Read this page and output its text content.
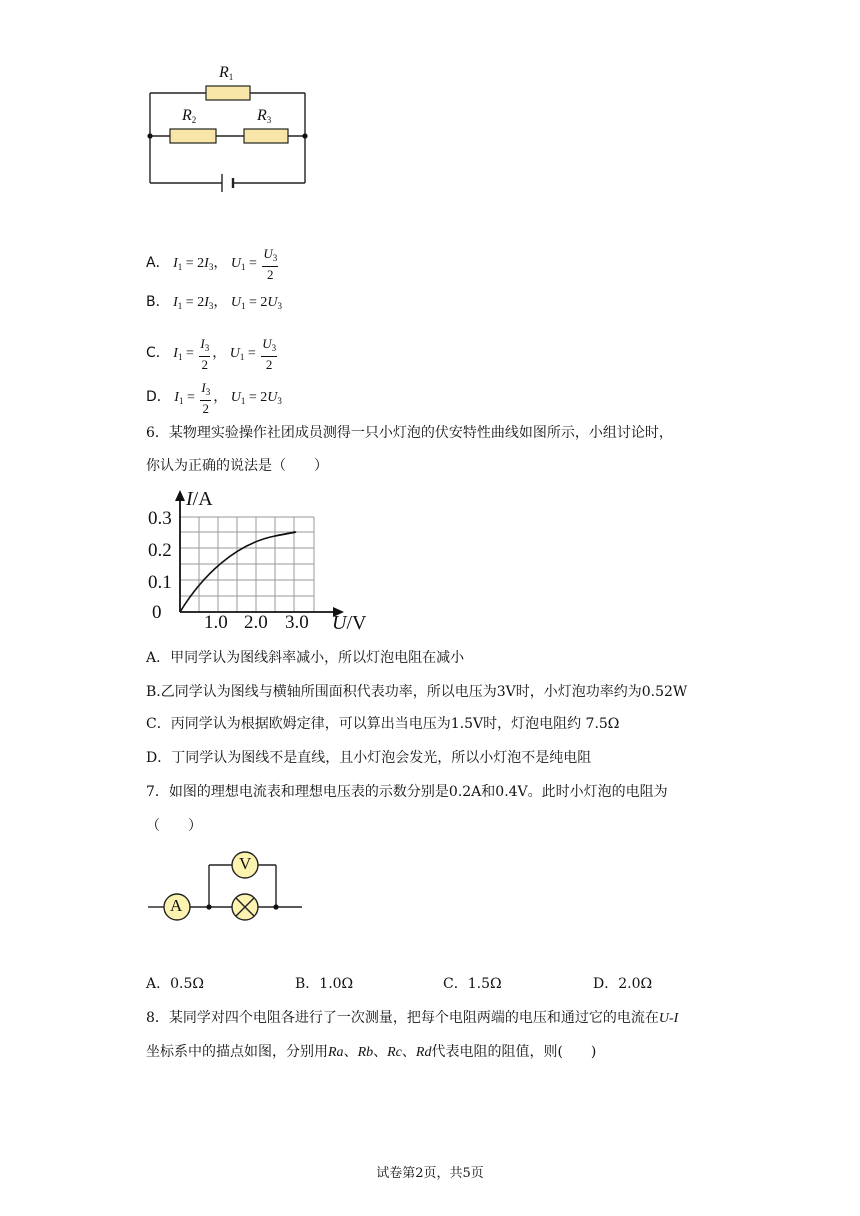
$R_1$
$R_2$	$R_3$
A． $I_1 = 2I_3$， $U_1 = \frac{U_3}{2}$
B． $I_1 = 2I_3$， $U_1 = 2U_3$
C． $I_1 = \frac{I_3}{2}$ ， $U_1 = \frac{U_3}{2}$
D． $I_1 = \frac{I_3}{2}$ ， $U_1 = 2U_3$
6．某物理实验操作社团成员测得一只小灯泡的伏安特性曲线如图所示，小组讨论时，
你认为正确的说法是（　　）
I/A
0.3
0.2
0.1
0 1.0 2.0 3.0 U/V
A．甲同学认为图线斜率减小，所以灯泡电阻在减小
B.乙同学认为图线与横轴所围面积代表功率，所以电压为3V时，小灯泡功率约为0.52W
C．丙同学认为根据欧姆定律，可以算出当电压为1.5V时，灯泡电阻约 7.5Ω
D．丁同学认为图线不是直线，且小灯泡会发光，所以小灯泡不是纯电阻
7．如图的理想电流表和理想电压表的示数分别是0.2A和0.4V。此时小灯泡的电阻为
（　　）
A
V
A．0.5Ω	B．1.0Ω	C．1.5Ω	D．2.0Ω
8．某同学对四个电阻各进行了一次测量，把每个电阻两端的电压和通过它的电流在U-I
坐标系中的描点如图，分别用Ra、Rb、Rc、Rd代表电阻的阻值，则(　　)
试卷第2页，共5页
